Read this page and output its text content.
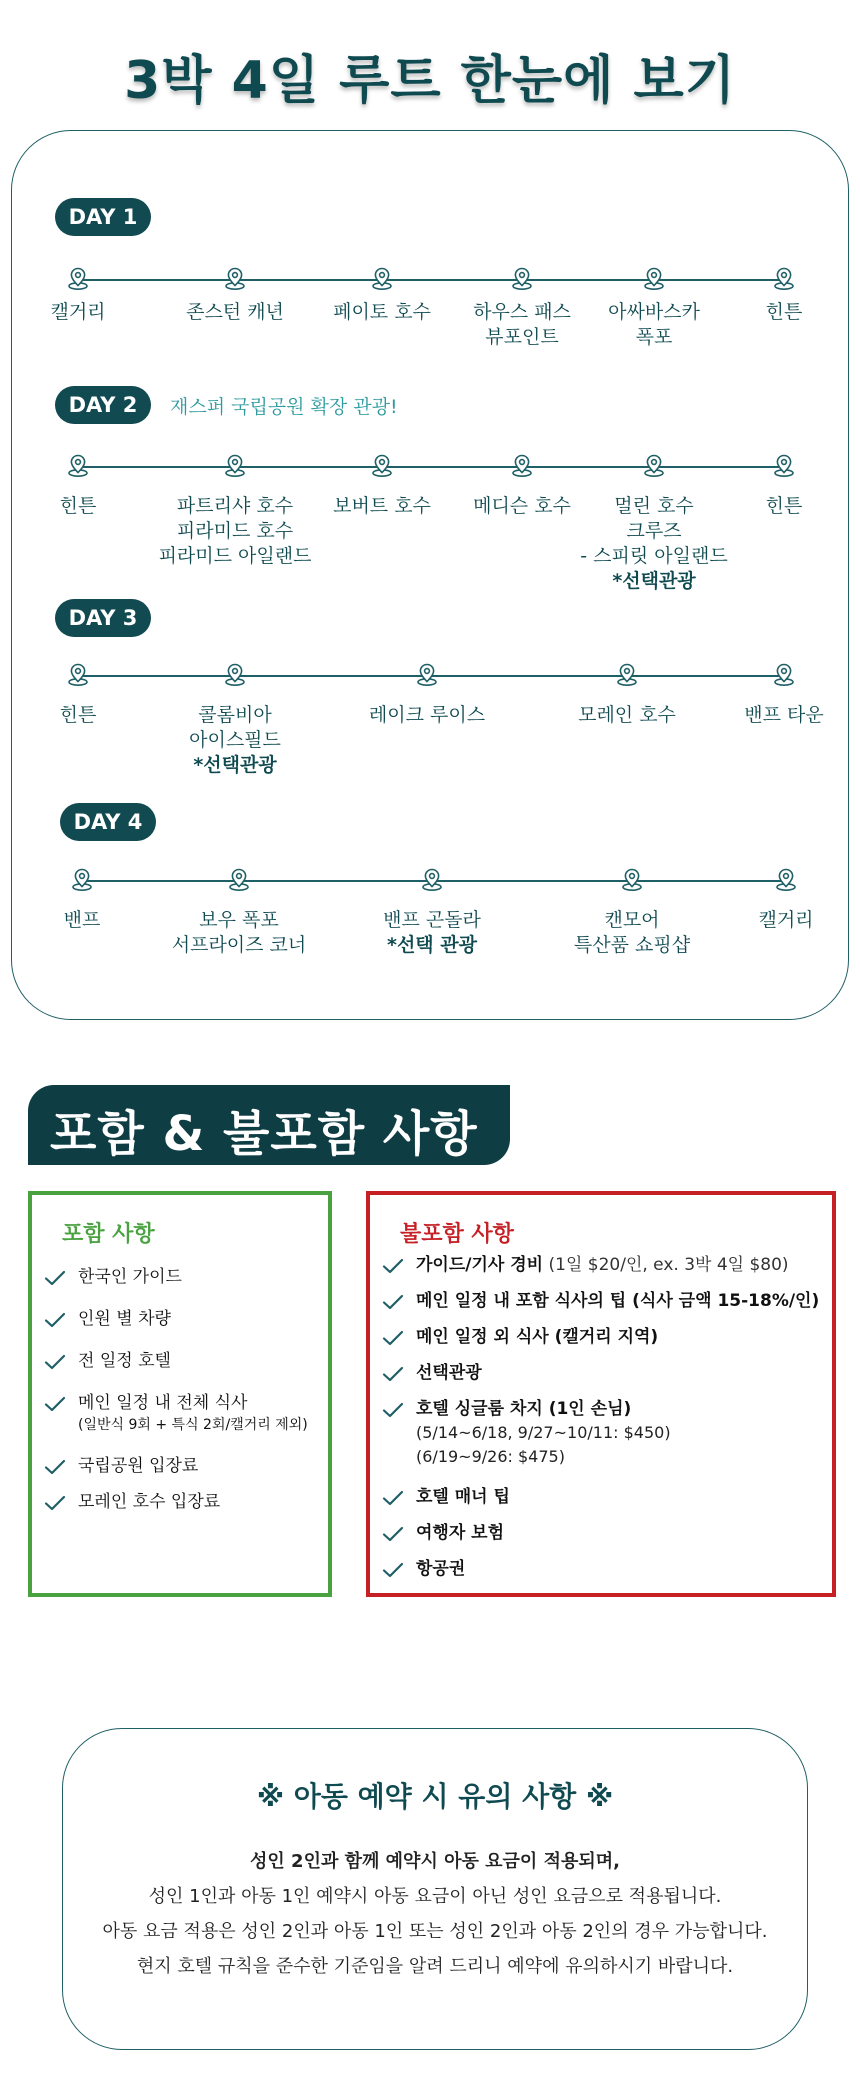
3박 4일 루트 한눈에 보기
DAY 1
캘거리	존스턴 캐년	페이토 호수	하우스 패스
뷰포인트
아싸바스카
폭포
힌튼
DAY 2	재스퍼 국립공원 확장 관광!
힌튼	파트리샤 호수
피라미드 호수
피라미드 아일랜드
보버트 호수	메디슨 호수	멀린 호수
크루즈
- 스피릿 아일랜드
*선택관광
힌튼
DAY 3
힌튼	콜롬비아
아이스필드
*선택관광
레이크 루이스	모레인 호수	밴프 타운
DAY 4
밴프	보우 폭포
서프라이즈 코너
밴프 곤돌라
*선택 관광
캔모어
특산품 쇼핑샵
캘거리
포함 & 불포함 사항
포함 사항
한국인 가이드
인원 별 차량
전 일정 호텔
메인 일정 내 전체 식사
(일반식 9회 + 특식 2회/캘거리 제외)
국립공원 입장료
모레인 호수 입장료
불포함 사항
가이드/기사 경비 (1일 $20/인, ex. 3박 4일 $80)
메인 일정 내 포함 식사의 팁 (식사 금액 15-18%/인)
메인 일정 외 식사 (캘거리 지역)
선택관광
호텔 싱글룸 차지 (1인 손님)
(5/14~6/18, 9/27~10/11: $450)
(6/19~9/26: $475)
호텔 매너 팁
여행자 보험
항공권
※ 아동 예약 시 유의 사항 ※
성인 2인과 함께 예약시 아동 요금이 적용되며,
성인 1인과 아동 1인 예약시 아동 요금이 아닌 성인 요금으로 적용됩니다.
아동 요금 적용은 성인 2인과 아동 1인 또는 성인 2인과 아동 2인의 경우 가능합니다.
현지 호텔 규칙을 준수한 기준임을 알려 드리니 예약에 유의하시기 바랍니다.
